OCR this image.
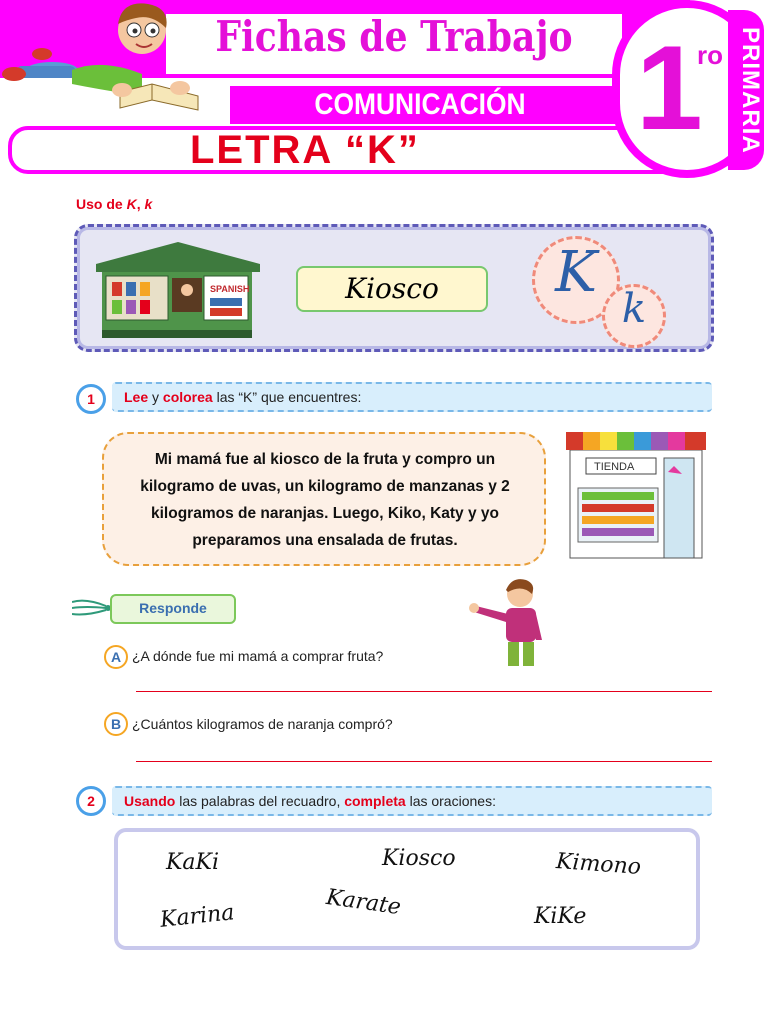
Fichas de Trabajo
COMUNICACIÓN
LETRA “K” 1
ro PRIMARIA
Uso de K, k
SPANISH	Kiosco	K
k
1	Lee y colorea las “K” que encuentres:
Mi mamá fue al kiosco de la fruta y compro un kilogramo de uvas, un kilogramo de manzanas y 2 kilogramos de naranjas. Luego, Kiko, Katy y yo preparamos una ensalada de frutas.
TIENDA
Responde
A ¿A dónde fue mi mamá a comprar fruta?
B ¿Cuántos kilogramos de naranja compró?
2	Usando las palabras del recuadro, completa las oraciones:
KaKi	Kiosco	Kimono
Karina	Karate	KiKe
